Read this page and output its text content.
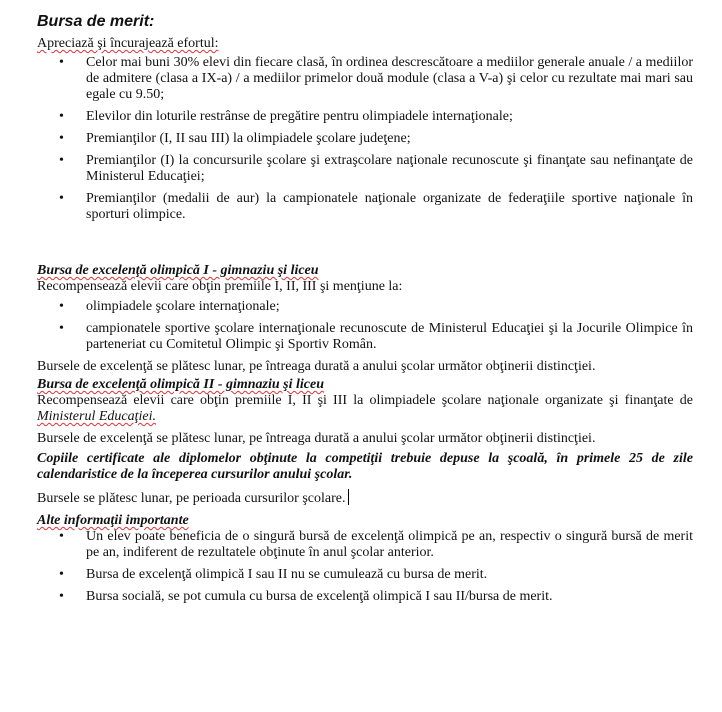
Bursa de merit:

Apreciază şi încurajează efortul:

• Celor mai buni 30% elevi din fiecare clasă, în ordinea descrescătoare a mediilor generale anuale / a mediilor de admitere (clasa a IX-a) / a mediilor primelor două module (clasa a V-a) şi celor cu rezultate mai mari sau egale cu 9.50;
• Elevilor din loturile restrânse de pregătire pentru olimpiadele internaţionale;
• Premianţilor (I, II sau III) la olimpiadele şcolare judeţene;
• Premianţilor (I) la concursurile şcolare şi extraşcolare naţionale recunoscute şi finanţate sau nefinanţate de Ministerul Educaţiei;
• Premianţilor (medalii de aur) la campionatele naţionale organizate de federaţiile sportive naţionale în sporturi olimpice.

Bursa de excelenţă olimpică I - gimnaziu şi liceu

Recompensează elevii care obţin premiile I, II, III şi menţiune la:

• olimpiadele şcolare internaţionale;
• campionatele sportive şcolare internaţionale recunoscute de Ministerul Educaţiei şi la Jocurile Olimpice în parteneriat cu Comitetul Olimpic şi Sportiv Român.

Bursele de excelenţă se plătesc lunar, pe întreaga durată a anului şcolar următor obţinerii distincţiei.

Bursa de excelenţă olimpică II - gimnaziu şi liceu

Recompensează elevii care obţin premiile I, II şi III la olimpiadele şcolare naţionale organizate şi finanţate de Ministerul Educaţiei.

Bursele de excelenţă se plătesc lunar, pe întreaga durată a anului şcolar următor obţinerii distincţiei.

Copiile certificate ale diplomelor obţinute la competiţii trebuie depuse la şcoală, în primele 25 de zile calendaristice de la începerea cursurilor anului şcolar.

Bursele se plătesc lunar, pe perioada cursurilor şcolare.

Alte informaţii importante

• Un elev poate beneficia de o singură bursă de excelenţă olimpică pe an, respectiv o singură bursă de merit pe an, indiferent de rezultatele obţinute în anul şcolar anterior.
• Bursa de excelenţă olimpică I sau II nu se cumulează cu bursa de merit.
• Bursa socială, se pot cumula cu bursa de excelenţă olimpică I sau II/bursa de merit.
